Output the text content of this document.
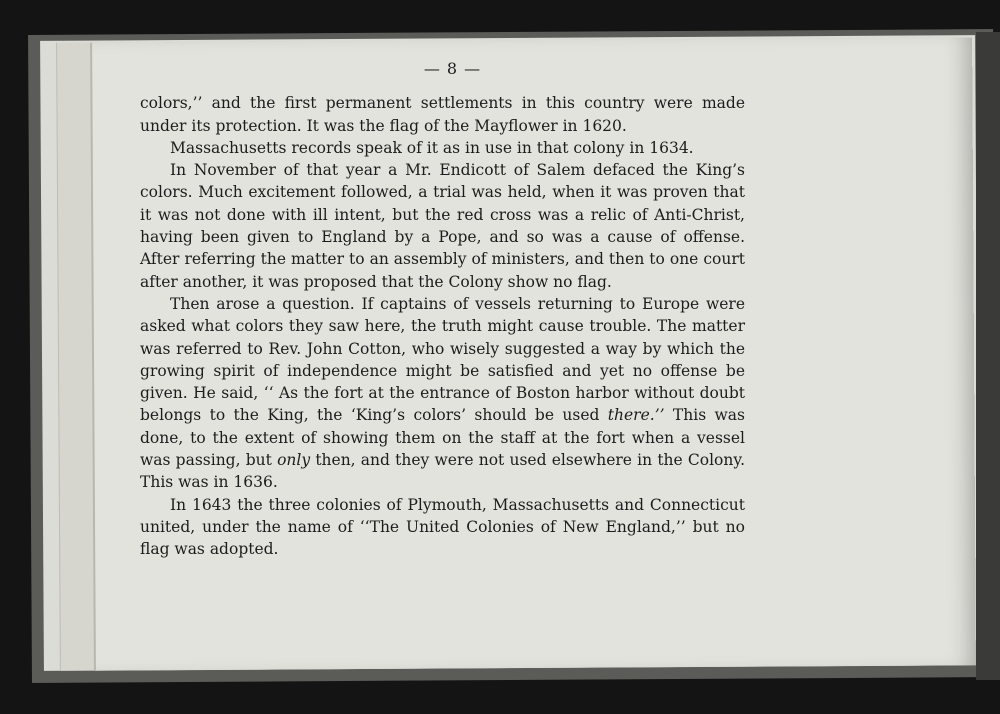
— 8 —

colors,’’ and the first permanent settlements in this country were made under its protection. It was the flag of the Mayflower in 1620.

Massachusetts records speak of it as in use in that colony in 1634.

In November of that year a Mr. Endicott of Salem defaced the King’s colors. Much excitement followed, a trial was held, when it was proven that it was not done with ill intent, but the red cross was a relic of Anti-Christ, having been given to England by a Pope, and so was a cause of offense. After referring the matter to an assembly of ministers, and then to one court after another, it was proposed that the Colony show no flag.

Then arose a question. If captains of vessels returning to Europe were asked what colors they saw here, the truth might cause trouble. The matter was referred to Rev. John Cotton, who wisely suggested a way by which the growing spirit of independence might be satisfied and yet no offense be given. He said, ‘‘ As the fort at the entrance of Boston harbor without doubt belongs to the King, the ‘King’s colors’ should be used there.’’ This was done, to the extent of showing them on the staff at the fort when a vessel was passing, but only then, and they were not used elsewhere in the Colony. This was in 1636.

In 1643 the three colonies of Plymouth, Massachusetts and Connecticut united, under the name of ‘‘The United Colonies of New England,’’ but no flag was adopted.
